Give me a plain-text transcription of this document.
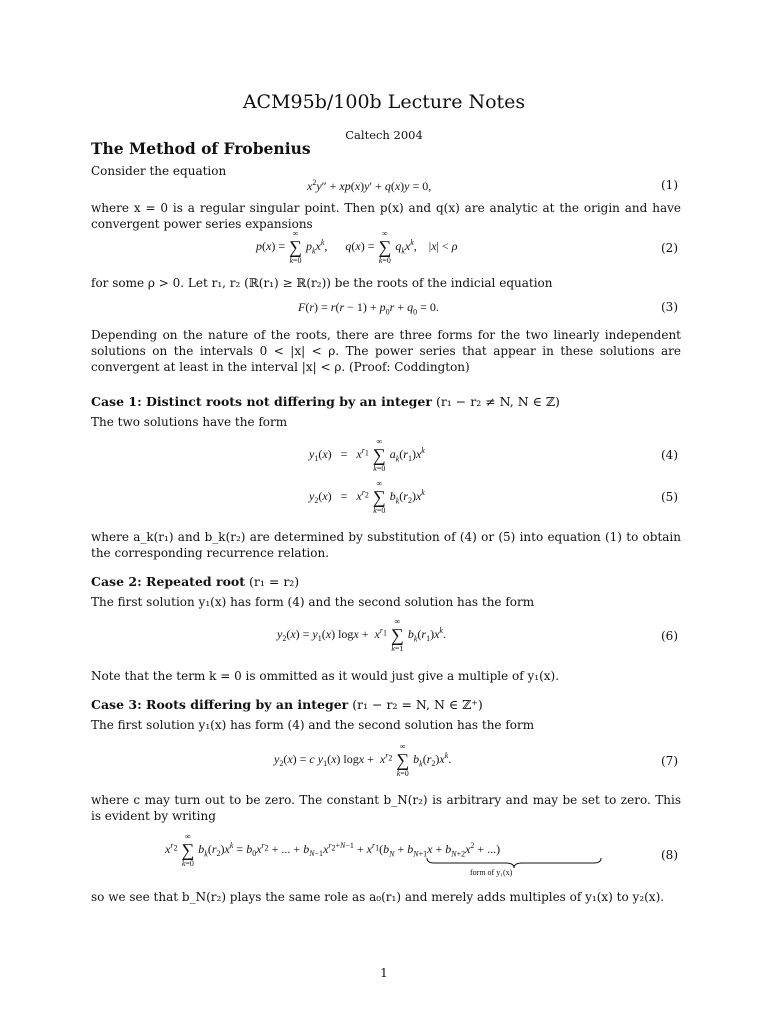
ACM95b/100b Lecture Notes
Caltech 2004
The Method of Frobenius
Consider the equation
$x^2y'' + xp(x)y' + q(x)y = 0$,	(1)
where x = 0 is a regular singular point. Then p(x) and q(x) are analytic at the origin and have convergent power series expansions
p(x) =
∞
∑
k=0
$p_kx^k$,      q(x) =
∞
∑
k=0
$q_kx^k$,    |x| < ρ	(2)
for some ρ > 0. Let r₁, r₂ (ℝ(r₁) ≥ ℝ(r₂)) be the roots of the indicial equation
$F(r) = r(r - 1) + p_0r + q_0 = 0$.	(3)
Depending on the nature of the roots, there are three forms for the two linearly independent solutions on the intervals 0 < |x| < ρ. The power series that appear in these solutions are convergent at least in the interval |x| < ρ. (Proof: Coddington)
Case 1: Distinct roots not differing by an integer (r₁ − r₂ ≠ N, N ∈ ℤ)
The two solutions have the form
$y_1(x) = x^{r_1}$
∞
∑
k=0
$a_k(r_1)x^k$	(4)
$y_2(x) = x^{r_2}$
∞
∑
k=0
$b_k(r_2)x^k$	(5)
where a_k(r₁) and b_k(r₂) are determined by substitution of (4) or (5) into equation (1) to obtain the corresponding recurrence relation.
Case 2: Repeated root (r₁ = r₂)
The first solution y₁(x) has form (4) and the second solution has the form
$y_2(x) = y_1(x) \log x + x^{r_1}$
∞
∑
k=1
$b_k(r_1)x^k$.	(6)
Note that the term k = 0 is ommitted as it would just give a multiple of y₁(x).
Case 3: Roots differing by an integer (r₁ − r₂ = N, N ∈ ℤ⁺)
The first solution y₁(x) has form (4) and the second solution has the form
$y_2(x) = c$ $y_1(x) \log x + x^{r_2}$
∞
∑
k=0
$b_k(r_2)x^k$.	(7)
where c may turn out to be zero. The constant b_N(r₂) is arbitrary and may be set to zero. This is evident by writing
$x^{r_2}$
∞
∑
k=0
$b_k(r_2)x^k = b_0x^{r_2}$ + ... + $b_{N-1}x^{r_2+N-1} + x^{r_1}(b_N + b_{N+1}x + b_{N+2}x^2$ + ...)
form of y₁(x)
(8)
so we see that b_N(r₂) plays the same role as a₀(r₁) and merely adds multiples of y₁(x) to y₂(x).
1
